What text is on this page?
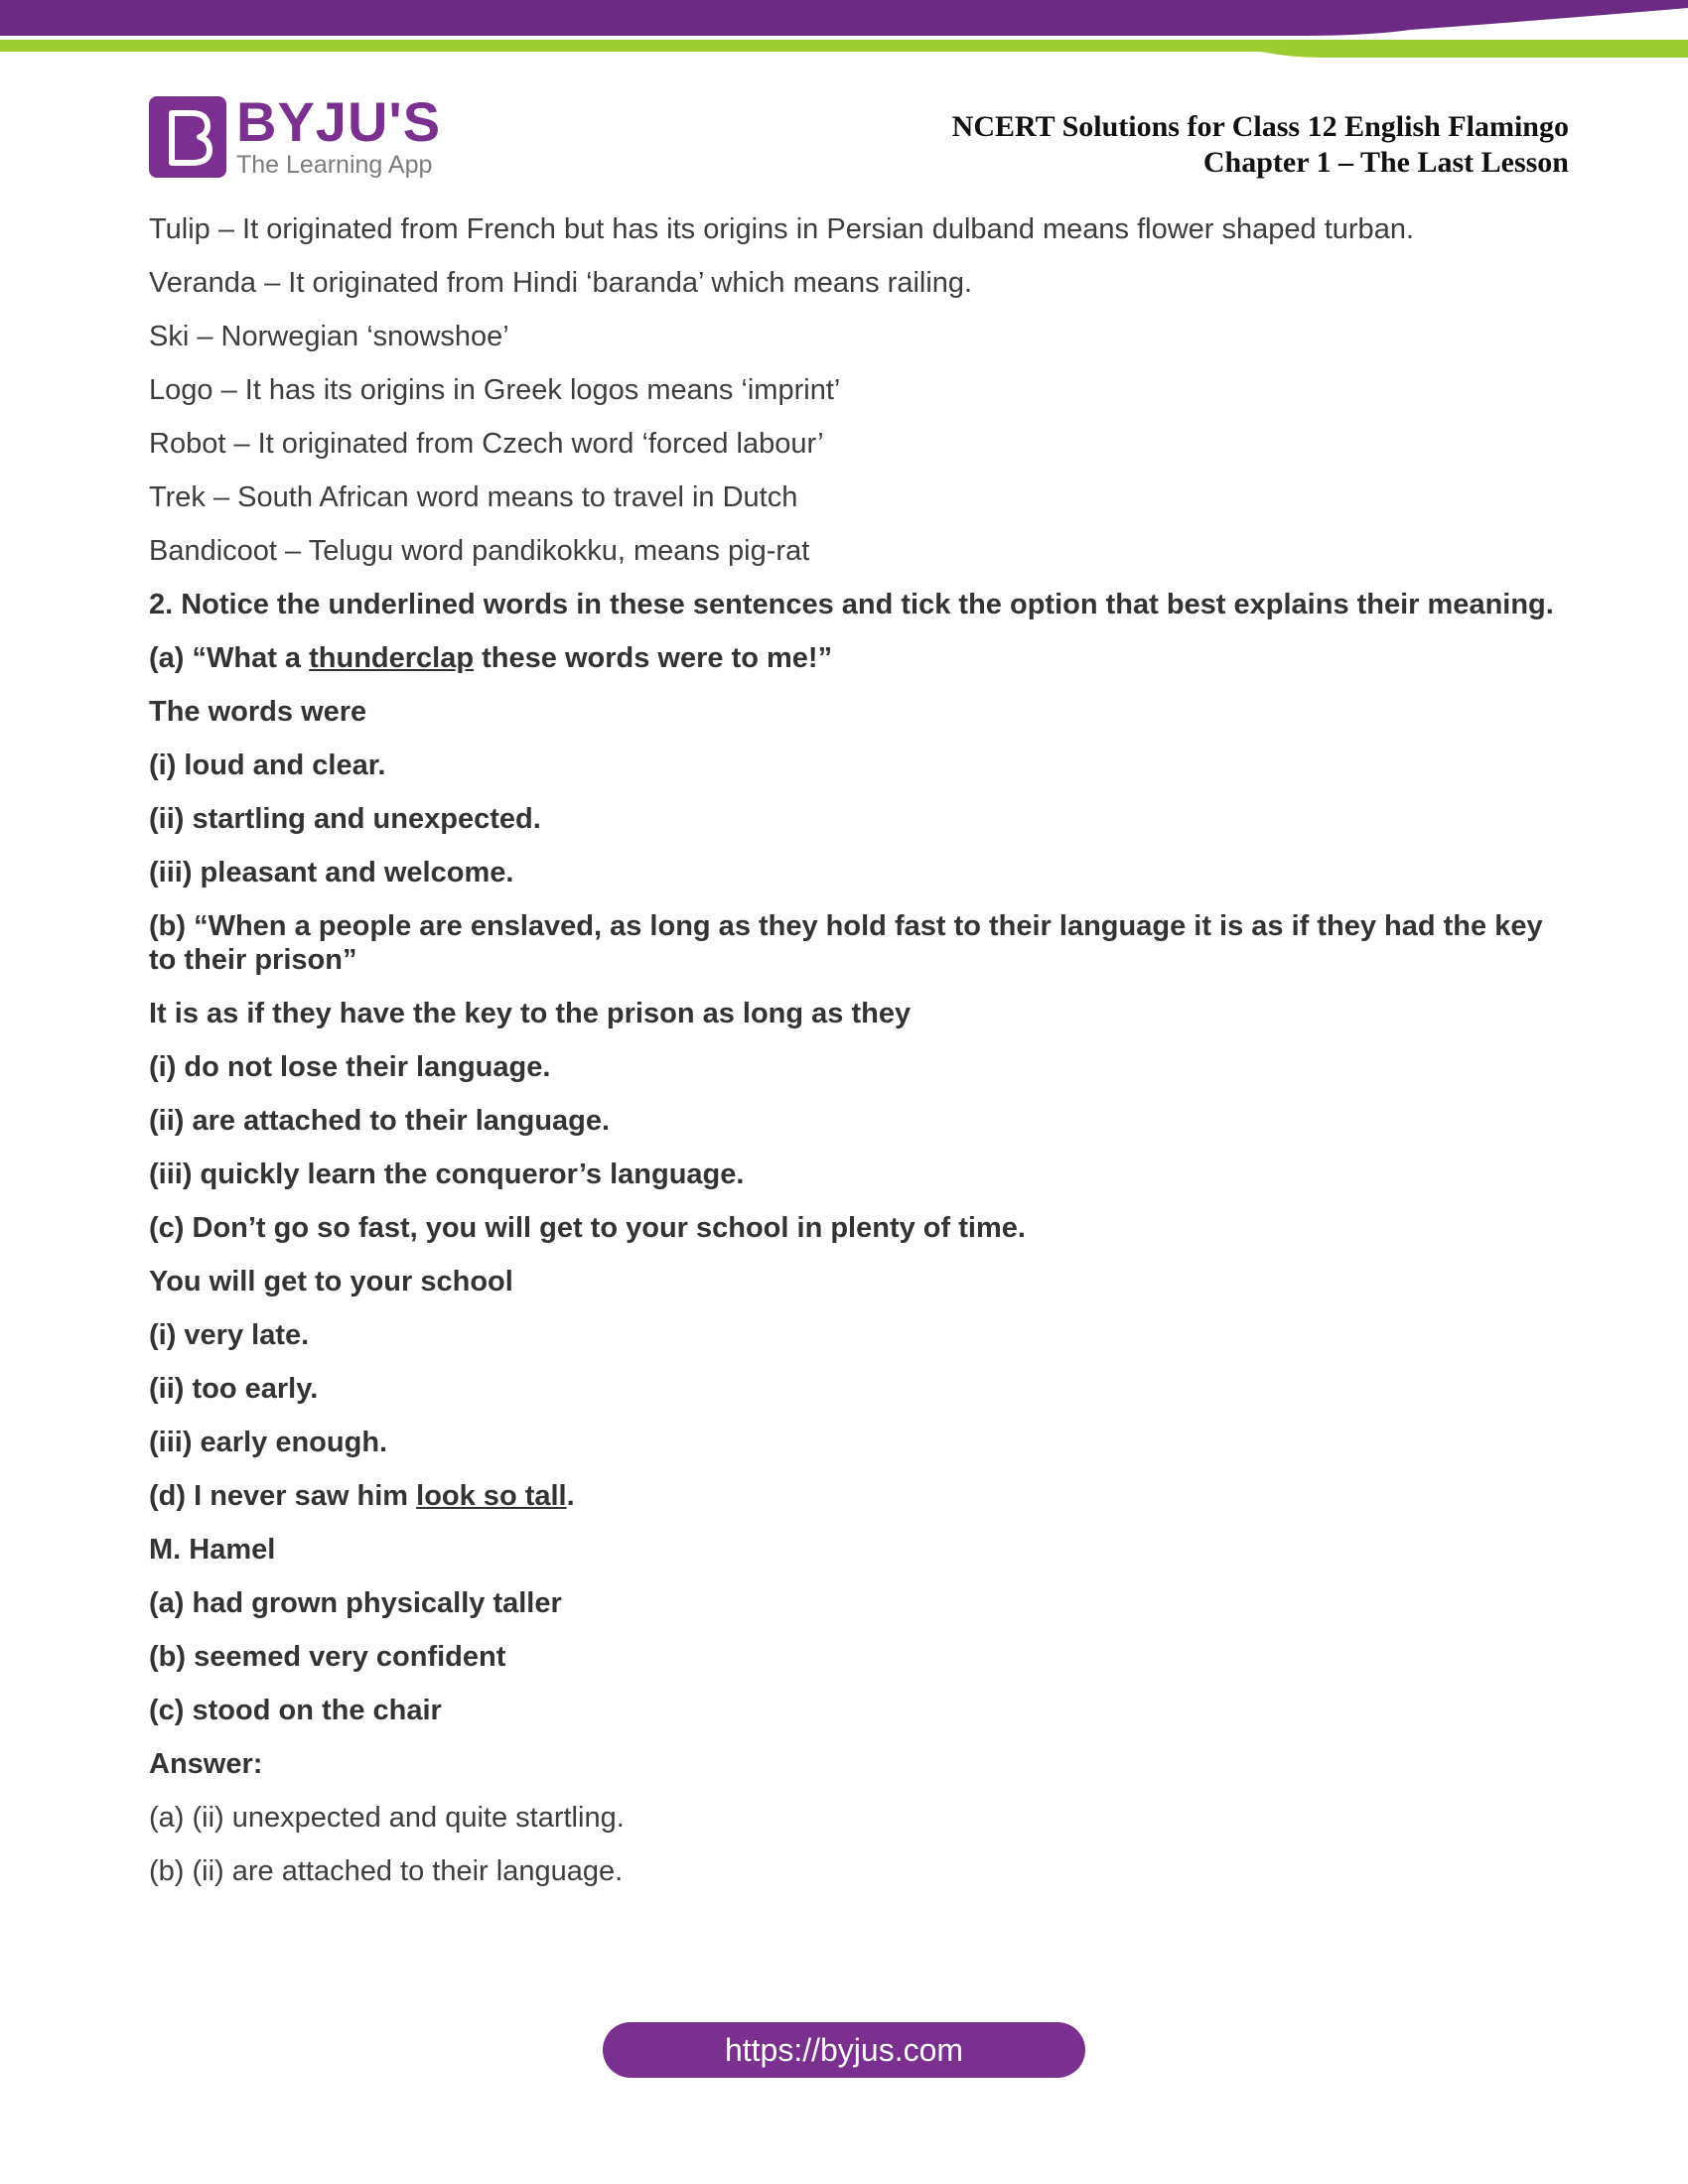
BYJU'S
The Learning App
NCERT Solutions for Class 12 English Flamingo
Chapter 1 – The Last Lesson

Tulip – It originated from French but has its origins in Persian dulband means flower shaped turban.

Veranda – It originated from Hindi ‘baranda’ which means railing.

Ski – Norwegian ‘snowshoe’

Logo – It has its origins in Greek logos means ‘imprint’

Robot – It originated from Czech word ‘forced labour’

Trek – South African word means to travel in Dutch

Bandicoot – Telugu word pandikokku, means pig-rat

2. Notice the underlined words in these sentences and tick the option that best explains their meaning.

(a) “What a thunderclap these words were to me!”

The words were

(i) loud and clear.

(ii) startling and unexpected.

(iii) pleasant and welcome.

(b) “When a people are enslaved, as long as they hold fast to their language it is as if they had the key to their prison”

It is as if they have the key to the prison as long as they

(i) do not lose their language.

(ii) are attached to their language.

(iii) quickly learn the conqueror’s language.

(c) Don’t go so fast, you will get to your school in plenty of time.

You will get to your school

(i) very late.

(ii) too early.

(iii) early enough.

(d) I never saw him look so tall.

M. Hamel

(a) had grown physically taller

(b) seemed very confident

(c) stood on the chair

Answer:

(a) (ii) unexpected and quite startling.

(b) (ii) are attached to their language.

https://byjus.com
